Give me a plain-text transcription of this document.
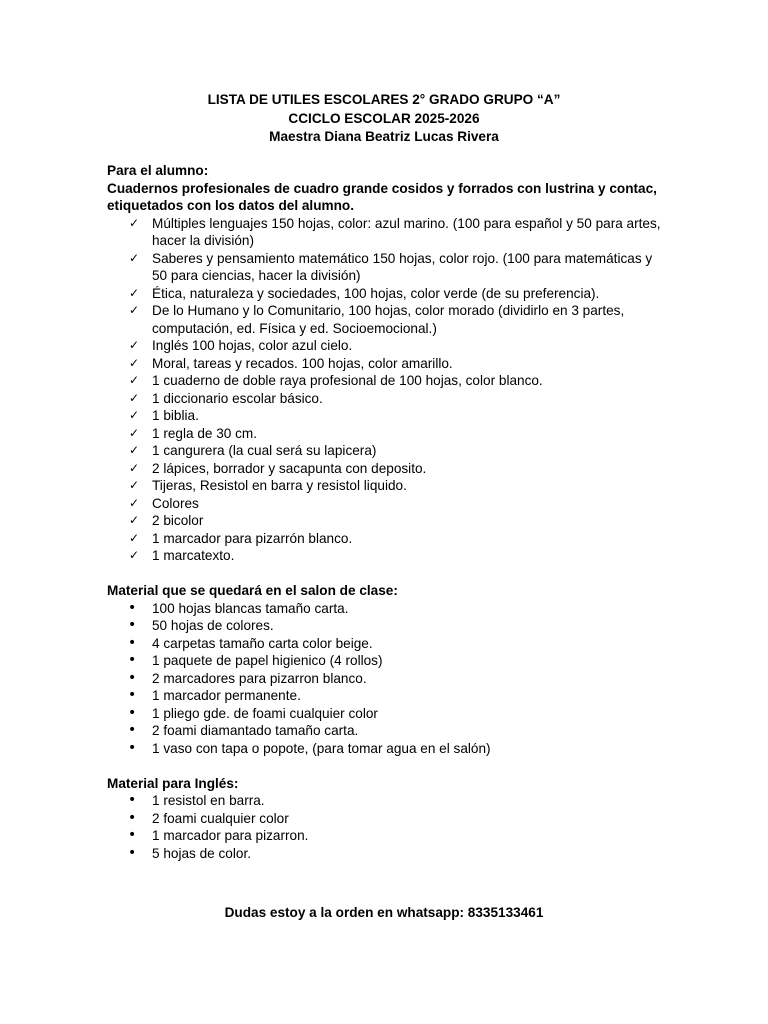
LISTA DE UTILES ESCOLARES 2° GRADO GRUPO “A”
CCICLO ESCOLAR 2025-2026
Maestra Diana Beatriz Lucas Rivera

Para el alumno:

Cuadernos profesionales de cuadro grande cosidos y forrados con lustrina y contac, etiquetados con los datos del alumno.

✓ Múltiples lenguajes 150 hojas, color: azul marino. (100 para español y 50 para artes, hacer la división)
✓ Saberes y pensamiento matemático 150 hojas, color rojo. (100 para matemáticas y 50 para ciencias, hacer la división)
✓ Ética, naturaleza y sociedades, 100 hojas, color verde (de su preferencia).
✓ De lo Humano y lo Comunitario, 100 hojas, color morado (dividirlo en 3 partes, computación, ed. Física y ed. Socioemocional.)
✓ Inglés 100 hojas, color azul cielo.
✓ Moral, tareas y recados. 100 hojas, color amarillo.
✓ 1 cuaderno de doble raya profesional de 100 hojas, color blanco.
✓ 1 diccionario escolar básico.
✓ 1 biblia.
✓ 1 regla de 30 cm.
✓ 1 cangurera (la cual será su lapicera)
✓ 2 lápices, borrador y sacapunta con deposito.
✓ Tijeras, Resistol en barra y resistol liquido.
✓ Colores
✓ 2 bicolor
✓ 1 marcador para pizarrón blanco.
✓ 1 marcatexto.

Material que se quedará en el salon de clase:

•	100 hojas blancas tamaño carta.
•	50 hojas de colores.
•	4 carpetas tamaño carta color beige.
•	1 paquete de papel higienico (4 rollos)
•	2 marcadores para pizarron blanco.
•	1 marcador permanente.
•	1 pliego gde. de foami cualquier color
•	2 foami diamantado tamaño carta.
•	1 vaso con tapa o popote, (para tomar agua en el salón)

Material para Inglés:

•	1 resistol en barra.
•	2 foami cualquier color
•	1 marcador para pizarron.
•	5 hojas de color.
Dudas estoy a la orden en whatsapp: 8335133461
